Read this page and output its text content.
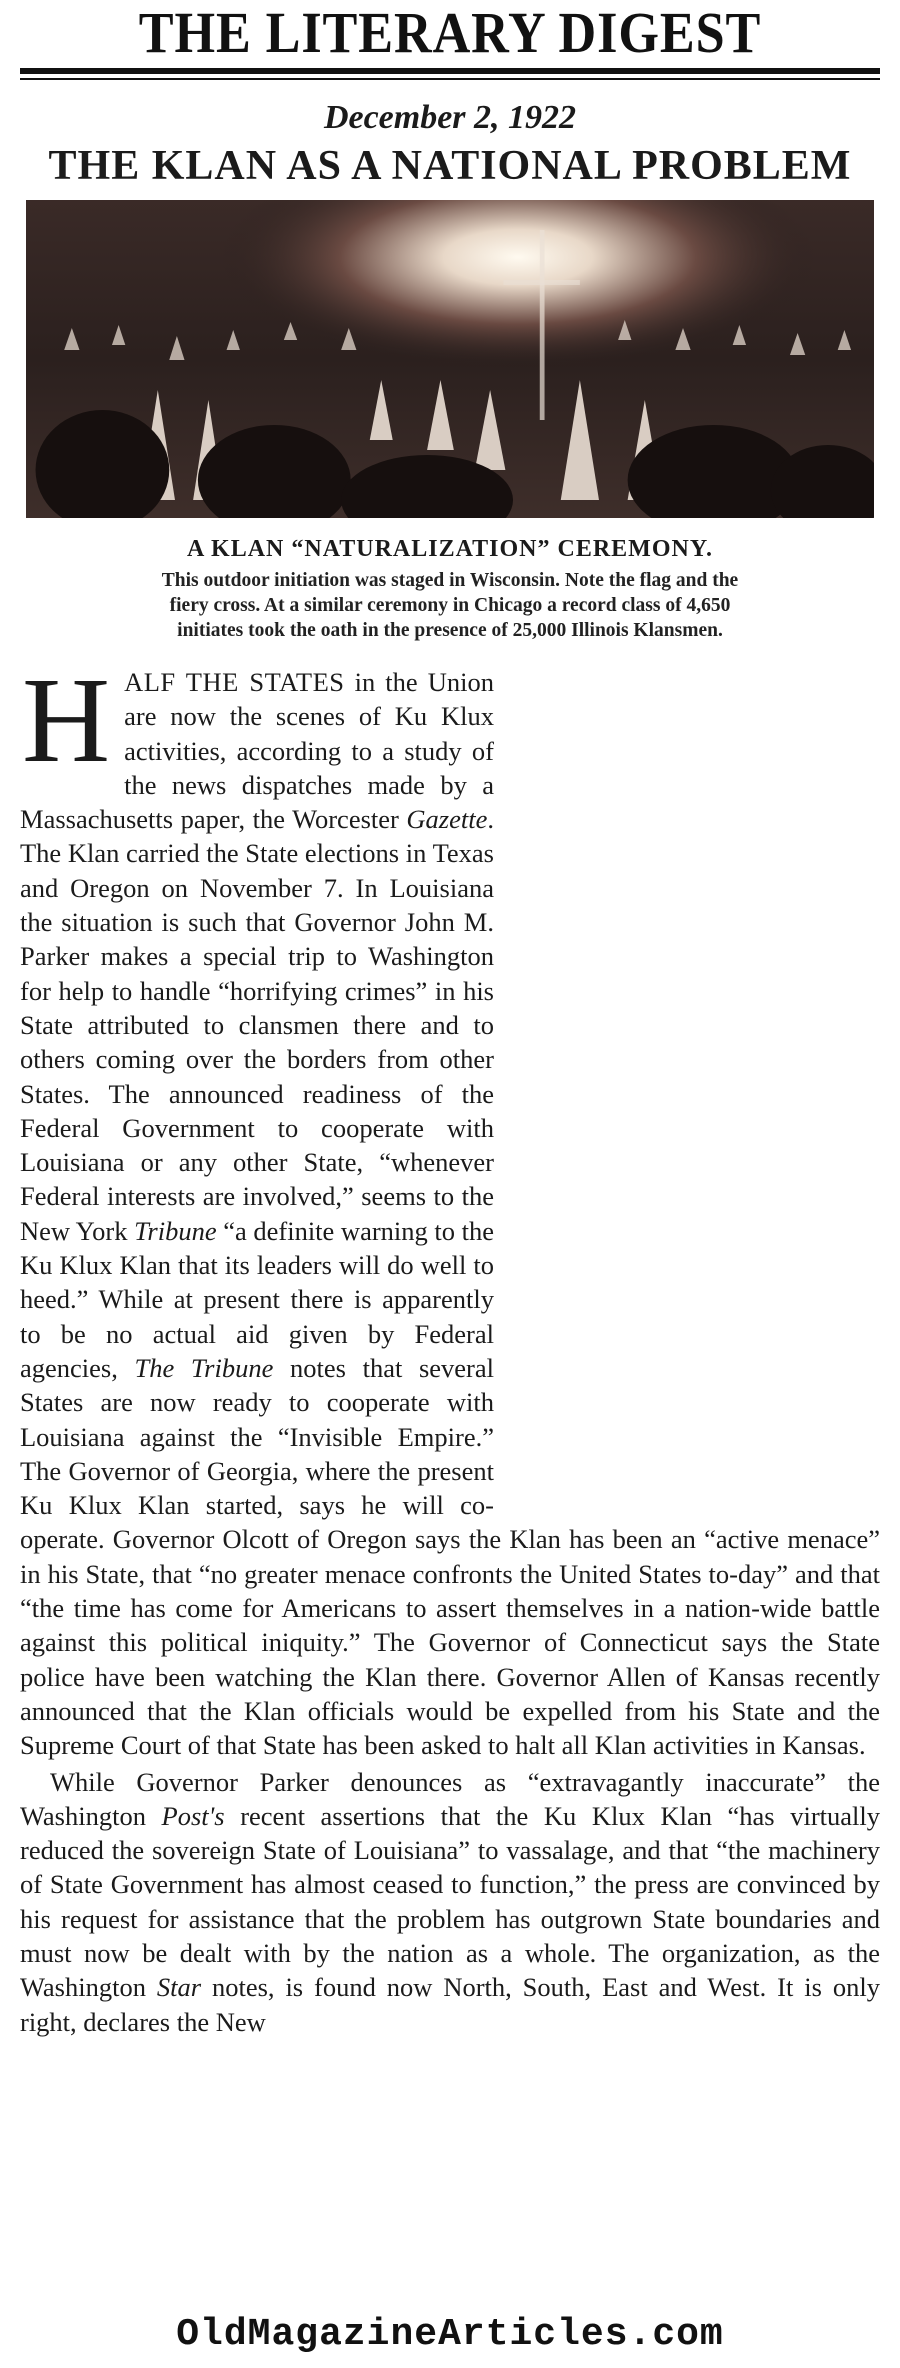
THE LITERARY DIGEST
December 2, 1922
THE KLAN AS A NATIONAL PROBLEM
A KLAN “NATURALIZATION” CEREMONY.
This outdoor initiation was staged in Wisconsin. Note the flag and the
fiery cross. At a similar ceremony in Chicago a record class of 4,650
initiates took the oath in the presence of 25,000 Illinois Klansmen.

HALF THE STATES in the Union are now the scenes of Ku Klux activities, according to a study of the news dispatches made by a Massachusetts paper, the Worcester Gazette. The Klan carried the State elections in Texas and Oregon on November 7. In Louisiana the situation is such that Governor John M. Parker makes a special trip to Washington for help to handle “horrifying crimes” in his State attributed to clansmen there and to others coming over the borders from other States. The announced readiness of the Federal Government to cooperate with Louisiana or any other State, “whenever Federal interests are involved,” seems to the New York Tribune “a definite warning to the Ku Klux Klan that its leaders will do well to heed.” While at present there is apparently to be no actual aid given by Federal agencies, The Tribune notes that several States are now ready to cooperate with Louisiana against the “Invisible Empire.” The Governor of Georgia, where the present Ku Klux Klan started, says he will cooperate. Governor Olcott of Oregon says the Klan has been an “active menace” in his State, that “no greater menace confronts the United States to-day” and that “the time has come for Americans to assert themselves in a nation-wide battle against this political iniquity.” The Governor of Connecticut says the State police have been watching the Klan there. Governor Allen of Kansas recently announced that the Klan officials would be expelled from his State and the Supreme Court of that State has been asked to halt all Klan activities in Kansas.

While Governor Parker denounces as “extravagantly inaccurate” the Washington Post's recent assertions that the Ku Klux Klan “has virtually reduced the sovereign State of Louisiana” to vassalage, and that “the machinery of State Government has almost ceased to function,” the press are convinced by his request for assistance that the problem has outgrown State boundaries and must now be dealt with by the nation as a whole. The organization, as the Washington Star notes, is found now North, South, East and West. It is only right, declares the New

OldMagazineArticles.com
